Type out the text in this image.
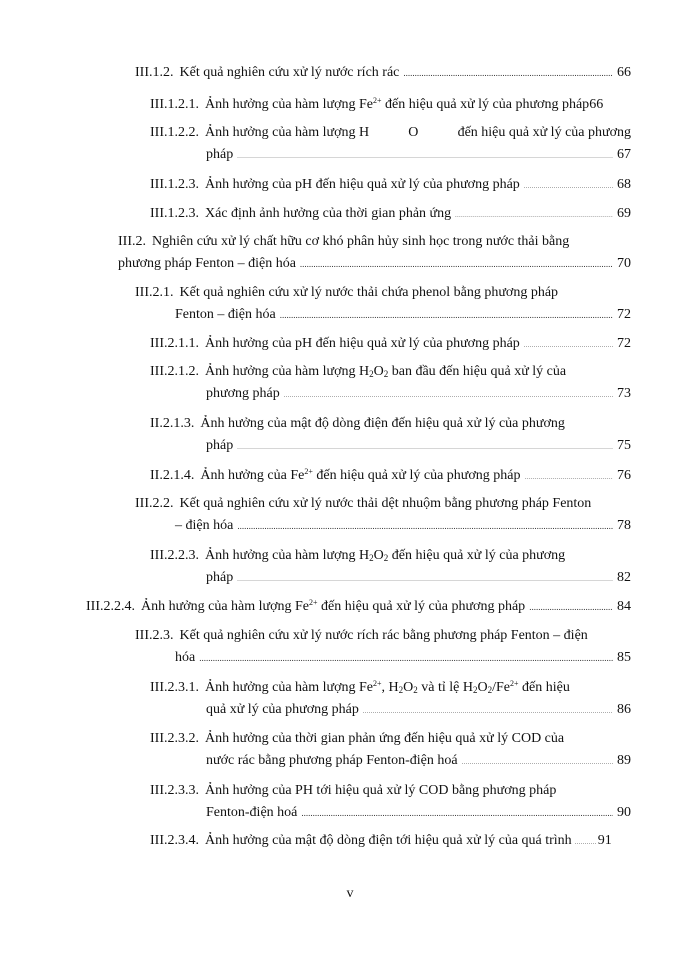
III.1.2. Kết quả nghiên cứu xử lý nước rích rác .....	66
III.1.2.1. Ảnh hưởng của hàm lượng $Fe^{2+}$ đến hiệu quả xử lý của phương pháp 66
III.1.2.2. Ảnh hưởng của hàm lượng H	O	đến hiệu quả xử lý của phương
pháp .....	67
III.1.2.3. Ảnh hưởng của pH đến hiệu quả xử lý của phương pháp .....	68
III.1.2.3. Xác định ảnh hưởng của thời gian phản ứng .....	69
III.2. Nghiên cứu xử lý chất hữu cơ khó phân hủy sinh học trong nước thải bằng
phương pháp Fenton – điện hóa .....	70
III.2.1. Kết quả nghiên cứu xử lý nước thải chứa phenol bằng phương pháp
Fenton – điện hóa .....	72
III.2.1.1. Ảnh hưởng của pH đến hiệu quả xử lý của phương pháp .....	72
III.2.1.2. Ảnh hưởng của hàm lượng $H_2O_2$ ban đầu đến hiệu quả xử lý của
phương pháp .....	73
II.2.1.3. Ảnh hưởng của mật độ dòng điện đến hiệu quả xử lý của phương
pháp .....	75
II.2.1.4. Ảnh hưởng của $Fe^{2+}$ đến hiệu quả xử lý của phương pháp .....	76
III.2.2. Kết quả nghiên cứu xử lý nước thải dệt nhuộm bằng phương pháp Fenton
– điện hóa .....	78
III.2.2.3. Ảnh hưởng của hàm lượng $H_2O_2$ đến hiệu quả xử lý của phương
pháp .....	82
III.2.2.4. Ảnh hưởng của hàm lượng $Fe^{2+}$ đến hiệu quả xử lý của phương pháp .....	84
III.2.3. Kết quả nghiên cứu xử lý nước rích rác bằng phương pháp Fenton – điện
hóa .....	85
III.2.3.1. Ảnh hưởng của hàm lượng $Fe^{2+}$, $H_2O_2$ và tỉ lệ $H_2O_2/Fe^{2+}$ đến hiệu
quả xử lý của phương pháp .....	86
III.2.3.2. Ảnh hưởng của thời gian phản ứng đến hiệu quả xử lý COD của
nước rác bằng phương pháp Fenton-điện hoá .....	89
III.2.3.3. Ảnh hưởng của PH tới hiệu quả xử lý COD bằng phương pháp
Fenton-điện hoá .....	90
III.2.3.4. Ảnh hưởng của mật độ dòng điện tới hiệu quả xử lý của quá trình ..... 91
v
